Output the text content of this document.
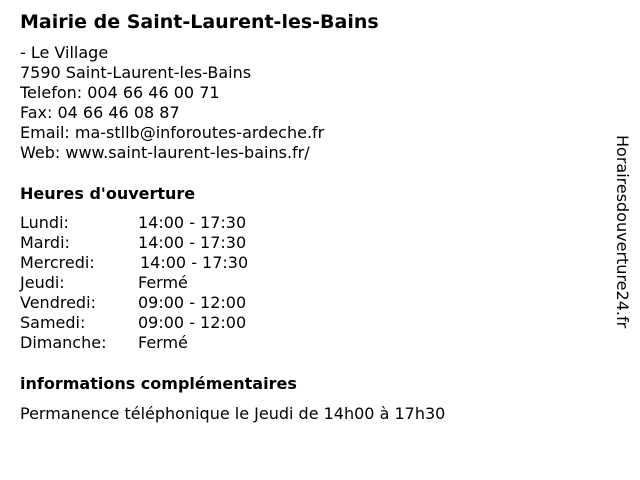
Mairie de Saint-Laurent-les-Bains
- Le Village
7590 Saint-Laurent-les-Bains
Telefon: 004 66 46 00 71
Fax: 04 66 46 08 87
Email: ma-stllb@inforoutes-ardeche.fr
Web: www.saint-laurent-les-bains.fr/
Heures d'ouverture
Lundi:	14:00 - 17:30
Mardi:	14:00 - 17:30
Mercredi:	14:00 - 17:30
Jeudi:	Fermé
Vendredi:	09:00 - 12:00
Samedi:	09:00 - 12:00
Dimanche: Fermé
informations complémentaires
Permanence téléphonique le Jeudi de 14h00 à 17h30
Horairesdouverture24.fr
